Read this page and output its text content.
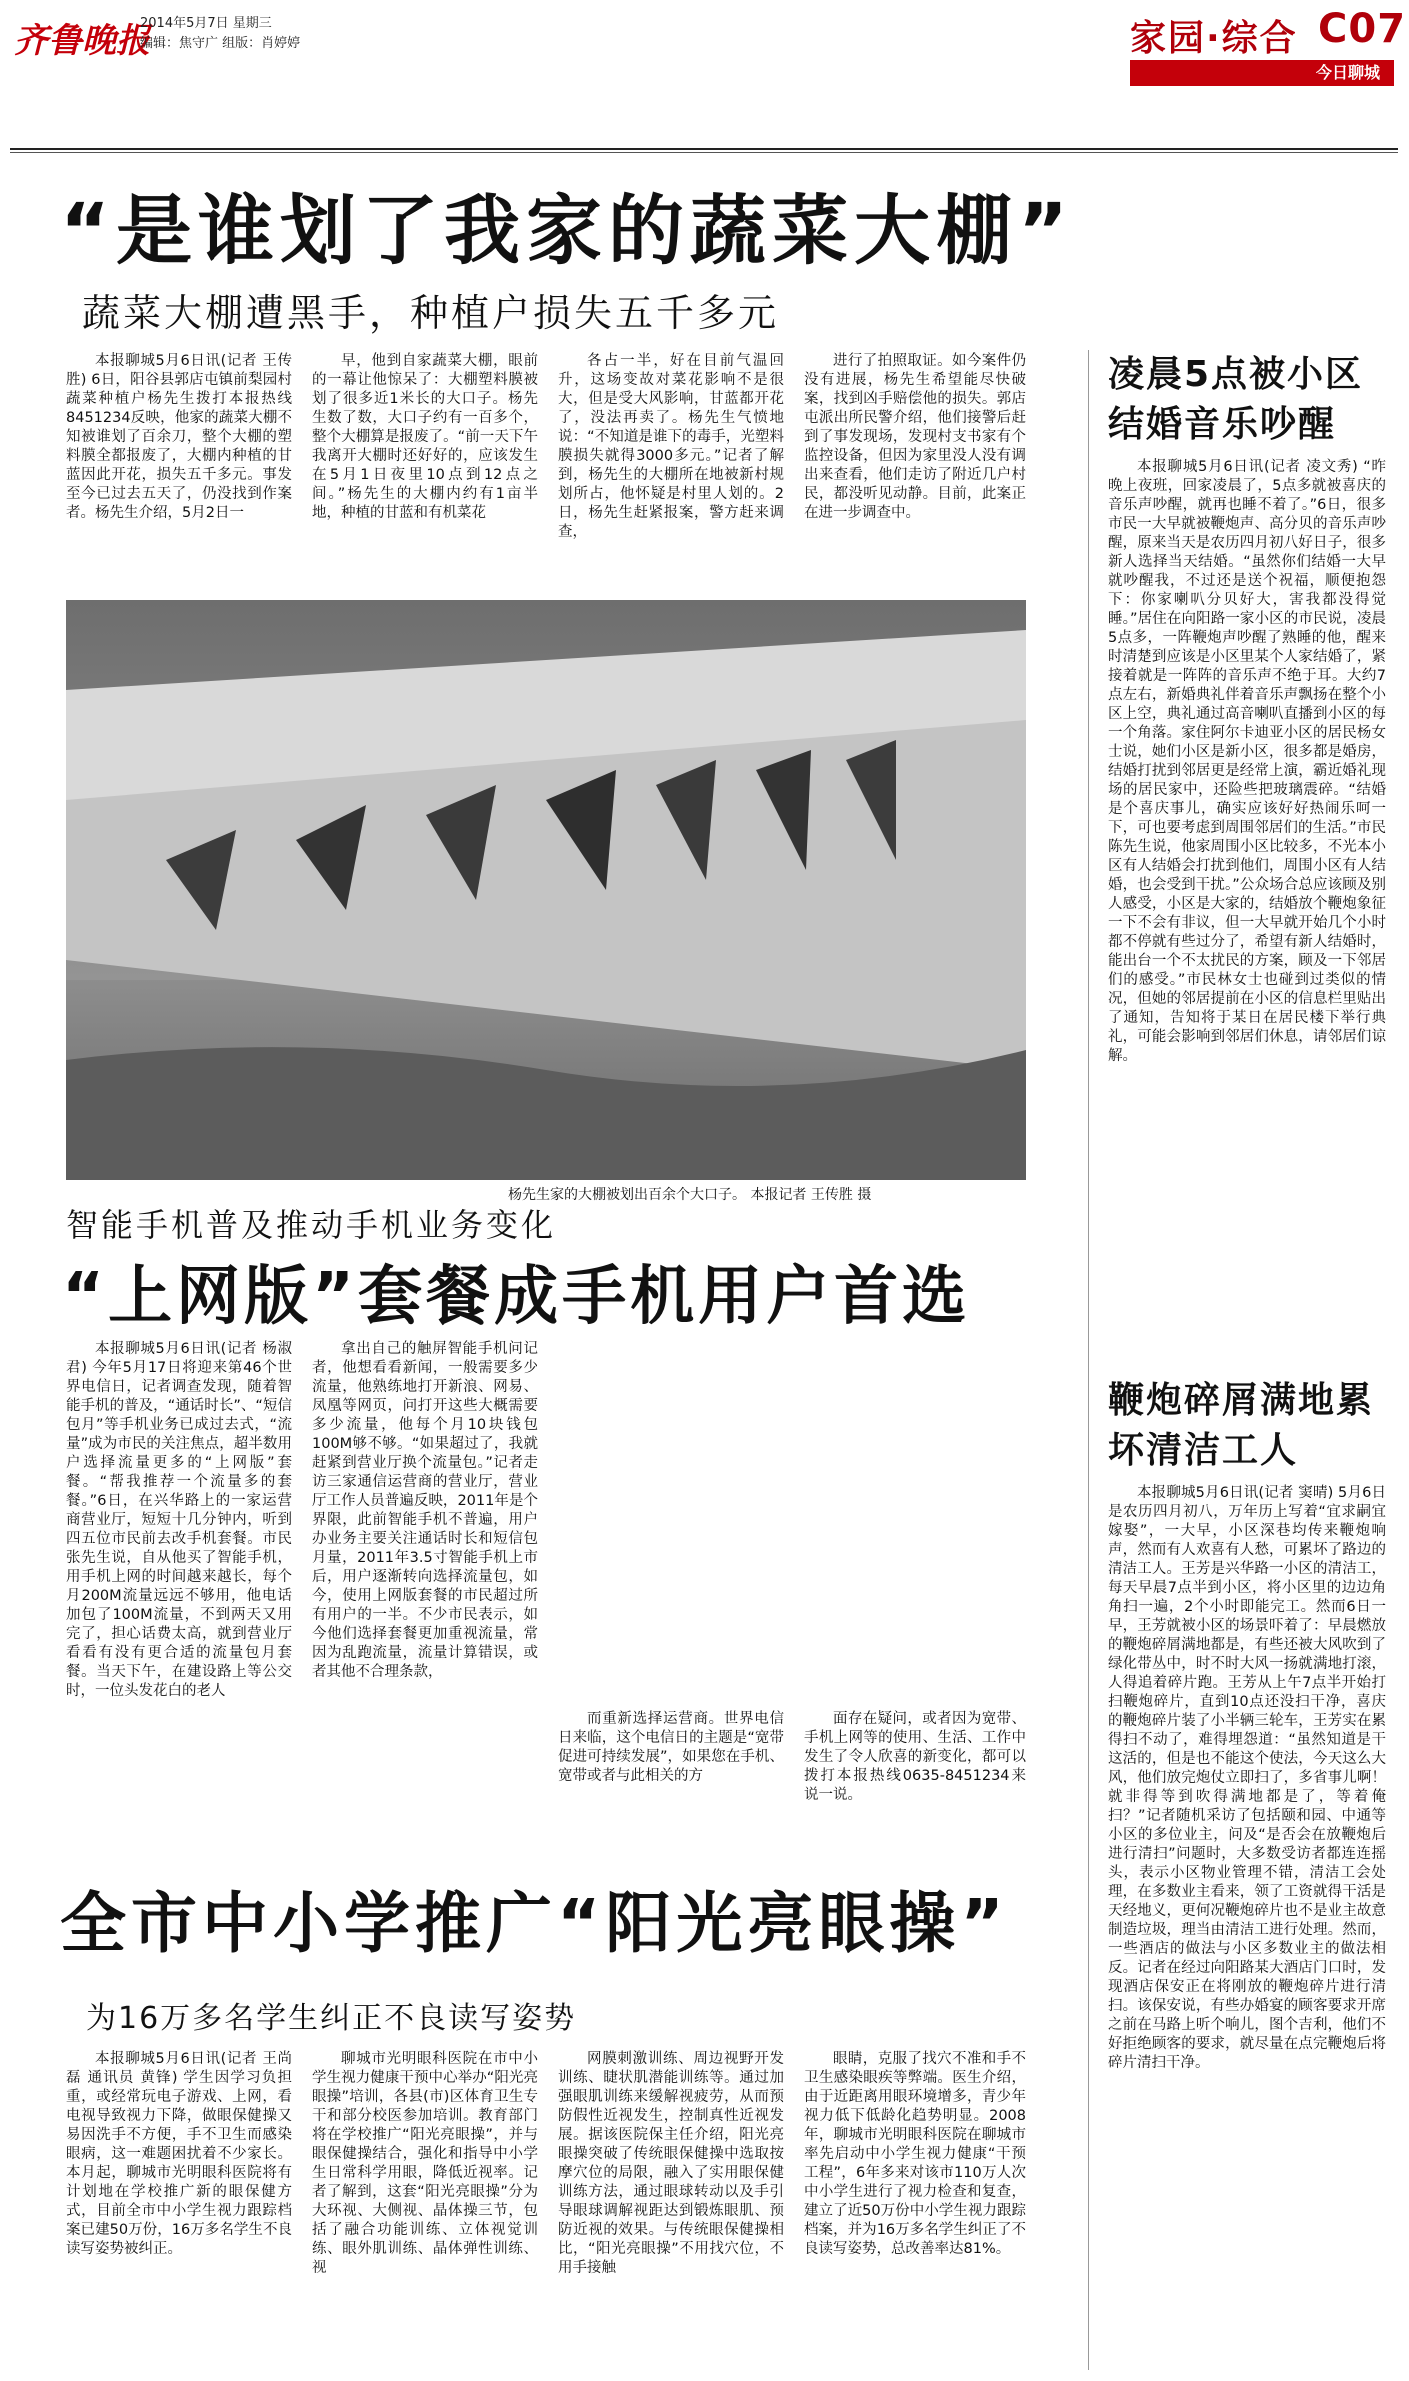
齐鲁晚报
2014年5月7日 星期三
编辑：焦守广 组版：肖婷婷	家园·综合 C07
今日聊城
“是谁划了我家的蔬菜大棚”
蔬菜大棚遭黑手，种植户损失五千多元

本报聊城5月6日讯(记者 王传胜) 6日，阳谷县郭店屯镇前梨园村蔬菜种植户杨先生拨打本报热线8451234反映，他家的蔬菜大棚不知被谁划了百余刀，整个大棚的塑料膜全都报废了，大棚内种植的甘蓝因此开花，损失五千多元。事发至今已过去五天了，仍没找到作案者。杨先生介绍，5月2日一

早，他到自家蔬菜大棚，眼前的一幕让他惊呆了：大棚塑料膜被划了很多近1米长的大口子。杨先生数了数，大口子约有一百多个，整个大棚算是报废了。“前一天下午我离开大棚时还好好的，应该发生在5月1日夜里10点到12点之间。”杨先生的大棚内约有1亩半地，种植的甘蓝和有机菜花

各占一半，好在目前气温回升，这场变故对菜花影响不是很大，但是受大风影响，甘蓝都开花了，没法再卖了。杨先生气愤地说：“不知道是谁下的毒手，光塑料膜损失就得3000多元。”记者了解到，杨先生的大棚所在地被新村规划所占，他怀疑是村里人划的。2日，杨先生赶紧报案，警方赶来调查，

进行了拍照取证。如今案件仍没有进展，杨先生希望能尽快破案，找到凶手赔偿他的损失。郭店屯派出所民警介绍，他们接警后赶到了事发现场，发现村支书家有个监控设备，但因为家里没人没有调出来查看，他们走访了附近几户村民，都没听见动静。目前，此案正在进一步调查中。

杨先生家的大棚被划出百余个大口子。 本报记者 王传胜 摄
智能手机普及推动手机业务变化
“上网版”套餐成手机用户首选

本报聊城5月6日讯(记者 杨淑君) 今年5月17日将迎来第46个世界电信日，记者调查发现，随着智能手机的普及，“通话时长”、“短信包月”等手机业务已成过去式，“流量”成为市民的关注焦点，超半数用户选择流量更多的“上网版”套餐。“帮我推荐一个流量多的套餐。”6日，在兴华路上的一家运营商营业厅，短短十几分钟内，听到四五位市民前去改手机套餐。市民张先生说，自从他买了智能手机，用手机上网的时间越来越长，每个月200M流量远远不够用，他电话加包了100M流量，不到两天又用完了，担心话费太高，就到营业厅看看有没有更合适的流量包月套餐。当天下午，在建设路上等公交时，一位头发花白的老人

拿出自己的触屏智能手机问记者，他想看看新闻，一般需要多少流量，他熟练地打开新浪、网易、凤凰等网页，问打开这些大概需要多少流量，他每个月10块钱包100M够不够。“如果超过了，我就赶紧到营业厅换个流量包。”记者走访三家通信运营商的营业厅，营业厅工作人员普遍反映，2011年是个界限，此前智能手机不普遍，用户办业务主要关注通话时长和短信包月量，2011年3.5寸智能手机上市后，用户逐渐转向选择流量包，如今，使用上网版套餐的市民超过所有用户的一半。不少市民表示，如今他们选择套餐更加重视流量，常因为乱跑流量，流量计算错误，或者其他不合理条款，

而重新选择运营商。世界电信日来临，这个电信日的主题是“宽带促进可持续发展”，如果您在手机、宽带或者与此相关的方

面存在疑问，或者因为宽带、手机上网等的使用、生活、工作中发生了令人欣喜的新变化，都可以拨打本报热线0635-8451234来说一说。

全市中小学推广“阳光亮眼操”
为16万多名学生纠正不良读写姿势

本报聊城5月6日讯(记者 王尚磊 通讯员 黄锋) 学生因学习负担重，或经常玩电子游戏、上网，看电视导致视力下降，做眼保健操又易因洗手不方便，手不卫生而感染眼病，这一难题困扰着不少家长。本月起，聊城市光明眼科医院将有计划地在学校推广新的眼保健方式，目前全市中小学生视力跟踪档案已建50万份，16万多名学生不良读写姿势被纠正。

聊城市光明眼科医院在市中小学生视力健康干预中心举办“阳光亮眼操”培训，各县(市)区体育卫生专干和部分校医参加培训。教育部门将在学校推广“阳光亮眼操”，并与眼保健操结合，强化和指导中小学生日常科学用眼，降低近视率。记者了解到，这套“阳光亮眼操”分为大环视、大侧视、晶体操三节，包括了融合功能训练、立体视觉训练、眼外肌训练、晶体弹性训练、视

网膜刺激训练、周边视野开发训练、睫状肌潜能训练等。通过加强眼肌训练来缓解视疲劳，从而预防假性近视发生，控制真性近视发展。据该医院保主任介绍，阳光亮眼操突破了传统眼保健操中选取按摩穴位的局限，融入了实用眼保健训练方法，通过眼球转动以及手引导眼球调解视距达到锻炼眼肌、预防近视的效果。与传统眼保健操相比，“阳光亮眼操”不用找穴位，不用手接触

眼睛，克服了找穴不准和手不卫生感染眼疾等弊端。医生介绍，由于近距离用眼环境增多，青少年视力低下低龄化趋势明显。2008年，聊城市光明眼科医院在聊城市率先启动中小学生视力健康“干预工程”，6年多来对该市110万人次中小学生进行了视力检查和复查，建立了近50万份中小学生视力跟踪档案，并为16万多名学生纠正了不良读写姿势，总改善率达81%。

凌晨5点被小区结婚音乐吵醒

本报聊城5月6日讯(记者 凌文秀) “昨晚上夜班，回家凌晨了，5点多就被喜庆的音乐声吵醒，就再也睡不着了。”6日，很多市民一大早就被鞭炮声、高分贝的音乐声吵醒，原来当天是农历四月初八好日子，很多新人选择当天结婚。“虽然你们结婚一大早就吵醒我，不过还是送个祝福，顺便抱怨下：你家喇叭分贝好大，害我都没得觉睡。”居住在向阳路一家小区的市民说，凌晨5点多，一阵鞭炮声吵醒了熟睡的他，醒来时清楚到应该是小区里某个人家结婚了，紧接着就是一阵阵的音乐声不绝于耳。大约7点左右，新婚典礼伴着音乐声飘扬在整个小区上空，典礼通过高音喇叭直播到小区的每一个角落。家住阿尔卡迪亚小区的居民杨女士说，她们小区是新小区，很多都是婚房，结婚打扰到邻居更是经常上演，霸近婚礼现场的居民家中，还险些把玻璃震碎。“结婚是个喜庆事儿，确实应该好好热闹乐呵一下，可也要考虑到周围邻居们的生活。”市民陈先生说，他家周围小区比较多，不光本小区有人结婚会打扰到他们，周围小区有人结婚，也会受到干扰。”公众场合总应该顾及别人感受，小区是大家的，结婚放个鞭炮象征一下不会有非议，但一大早就开始几个小时都不停就有些过分了，希望有新人结婚时，能出台一个不太扰民的方案，顾及一下邻居们的感受。”市民林女士也碰到过类似的情况，但她的邻居提前在小区的信息栏里贴出了通知，告知将于某日在居民楼下举行典礼，可能会影响到邻居们休息，请邻居们谅解。

鞭炮碎屑满地累坏清洁工人

本报聊城5月6日讯(记者 窦晴) 5月6日是农历四月初八，万年历上写着“宜求嗣宜嫁娶”，一大早，小区深巷均传来鞭炮响声，然而有人欢喜有人愁，可累坏了路边的清洁工人。王芳是兴华路一小区的清洁工，每天早晨7点半到小区，将小区里的边边角角扫一遍，2个小时即能完工。然而6日一早，王芳就被小区的场景吓着了：早晨燃放的鞭炮碎屑满地都是，有些还被大风吹到了绿化带丛中，时不时大风一扬就满地打滚，人得追着碎片跑。王芳从上午7点半开始打扫鞭炮碎片，直到10点还没扫干净，喜庆的鞭炮碎片装了小半辆三轮车，王芳实在累得扫不动了，难得埋怨道：“虽然知道是干这活的，但是也不能这个使法，今天这么大风，他们放完炮仗立即扫了，多省事儿啊！就非得等到吹得满地都是了，等着俺扫？”记者随机采访了包括颐和园、中通等小区的多位业主，问及“是否会在放鞭炮后进行清扫”问题时，大多数受访者都连连摇头，表示小区物业管理不错，清洁工会处理，在多数业主看来，领了工资就得干活是天经地义，更何况鞭炮碎片也不是业主故意制造垃圾，理当由清洁工进行处理。然而，一些酒店的做法与小区多数业主的做法相反。记者在经过向阳路某大酒店门口时，发现酒店保安正在将刚放的鞭炮碎片进行清扫。该保安说，有些办婚宴的顾客要求开席之前在马路上听个响儿，图个吉利，他们不好拒绝顾客的要求，就尽量在点完鞭炮后将碎片清扫干净。
